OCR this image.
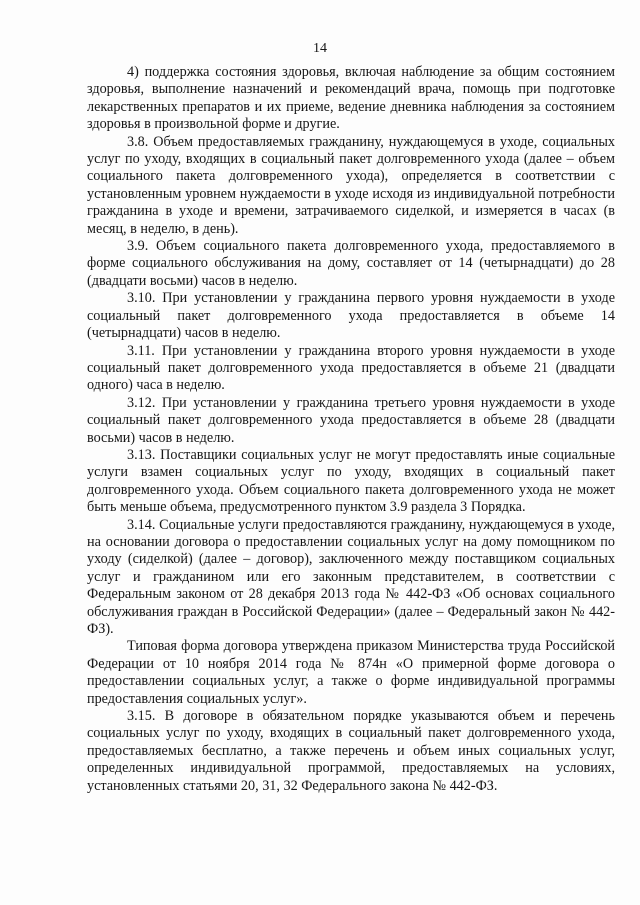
14

4) поддержка состояния здоровья, включая наблюдение за общим состоянием здоровья, выполнение назначений и рекомендаций врача, помощь при подготовке лекарственных препаратов и их приеме, ведение дневника наблюдения за состоянием здоровья в произвольной форме и другие.

3.8. Объем предоставляемых гражданину, нуждающемуся в уходе, социальных услуг по уходу, входящих в социальный пакет долговременного ухода (далее – объем социального пакета долговременного ухода), определяется в соответствии с установленным уровнем нуждаемости в уходе исходя из индивидуальной потребности гражданина в уходе и времени, затрачиваемого сиделкой, и измеряется в часах (в месяц, в неделю, в день).

3.9. Объем социального пакета долговременного ухода, предоставляемого в форме социального обслуживания на дому, составляет от 14 (четырнадцати) до 28 (двадцати восьми) часов в неделю.

3.10. При установлении у гражданина первого уровня нуждаемости в уходе социальный пакет долговременного ухода предоставляется в объеме 14 (четырнадцати) часов в неделю.

3.11. При установлении у гражданина второго уровня нуждаемости в уходе социальный пакет долговременного ухода предоставляется в объеме 21 (двадцати одного) часа в неделю.

3.12. При установлении у гражданина третьего уровня нуждаемости в уходе социальный пакет долговременного ухода предоставляется в объеме 28 (двадцати восьми) часов в неделю.

3.13. Поставщики социальных услуг не могут предоставлять иные социальные услуги взамен социальных услуг по уходу, входящих в социальный пакет долговременного ухода. Объем социального пакета долговременного ухода не может быть меньше объема, предусмотренного пунктом 3.9 раздела 3 Порядка.

3.14. Социальные услуги предоставляются гражданину, нуждающемуся в уходе, на основании договора о предоставлении социальных услуг на дому помощником по уходу (сиделкой) (далее – договор), заключенного между поставщиком социальных услуг и гражданином или его законным представителем, в соответствии с Федеральным законом от 28 декабря 2013 года № 442-ФЗ «Об основах социального обслуживания граждан в Российской Федерации» (далее – Федеральный закон № 442-ФЗ).

Типовая форма договора утверждена приказом Министерства труда Российской Федерации от 10 ноября 2014 года № 874н «О примерной форме договора о предоставлении социальных услуг, а также о форме индивидуальной программы предоставления социальных услуг».

3.15. В договоре в обязательном порядке указываются объем и перечень социальных услуг по уходу, входящих в социальный пакет долговременного ухода, предоставляемых бесплатно, а также перечень и объем иных социальных услуг, определенных индивидуальной программой, предоставляемых на условиях, установленных статьями 20, 31, 32 Федерального закона № 442-ФЗ.
